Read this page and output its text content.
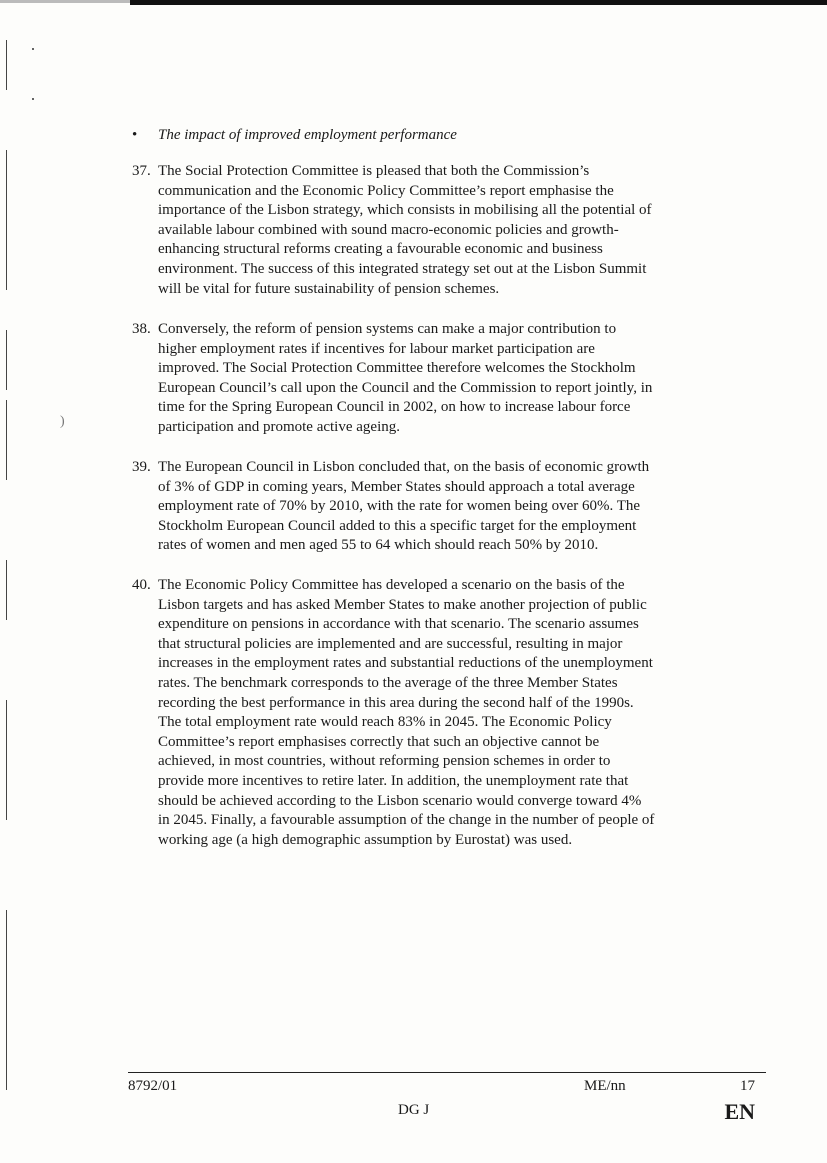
)
• The impact of improved employment performance
37. The Social Protection Committee is pleased that both the Commission’s
communication and the Economic Policy Committee’s report emphasise the
importance of the Lisbon strategy, which consists in mobilising all the potential of
available labour combined with sound macro-economic policies and growth-
enhancing structural reforms creating a favourable economic and business
environment. The success of this integrated strategy set out at the Lisbon Summit
will be vital for future sustainability of pension schemes.
38. Conversely, the reform of pension systems can make a major contribution to
higher employment rates if incentives for labour market participation are
improved. The Social Protection Committee therefore welcomes the Stockholm
European Council’s call upon the Council and the Commission to report jointly, in
time for the Spring European Council in 2002, on how to increase labour force
participation and promote active ageing.
39. The European Council in Lisbon concluded that, on the basis of economic growth
of 3% of GDP in coming years, Member States should approach a total average
employment rate of 70% by 2010, with the rate for women being over 60%. The
Stockholm European Council added to this a specific target for the employment
rates of women and men aged 55 to 64 which should reach 50% by 2010.
40. The Economic Policy Committee has developed a scenario on the basis of the
Lisbon targets and has asked Member States to make another projection of public
expenditure on pensions in accordance with that scenario. The scenario assumes
that structural policies are implemented and are successful, resulting in major
increases in the employment rates and substantial reductions of the unemployment
rates. The benchmark corresponds to the average of the three Member States
recording the best performance in this area during the second half of the 1990s.
The total employment rate would reach 83% in 2045. The Economic Policy
Committee’s report emphasises correctly that such an objective cannot be
achieved, in most countries, without reforming pension schemes in order to
provide more incentives to retire later. In addition, the unemployment rate that
should be achieved according to the Lisbon scenario would converge toward 4%
in 2045. Finally, a favourable assumption of the change in the number of people of
working age (a high demographic assumption by Eurostat) was used.
8792/01	ME/nn	17
DG J	EN
